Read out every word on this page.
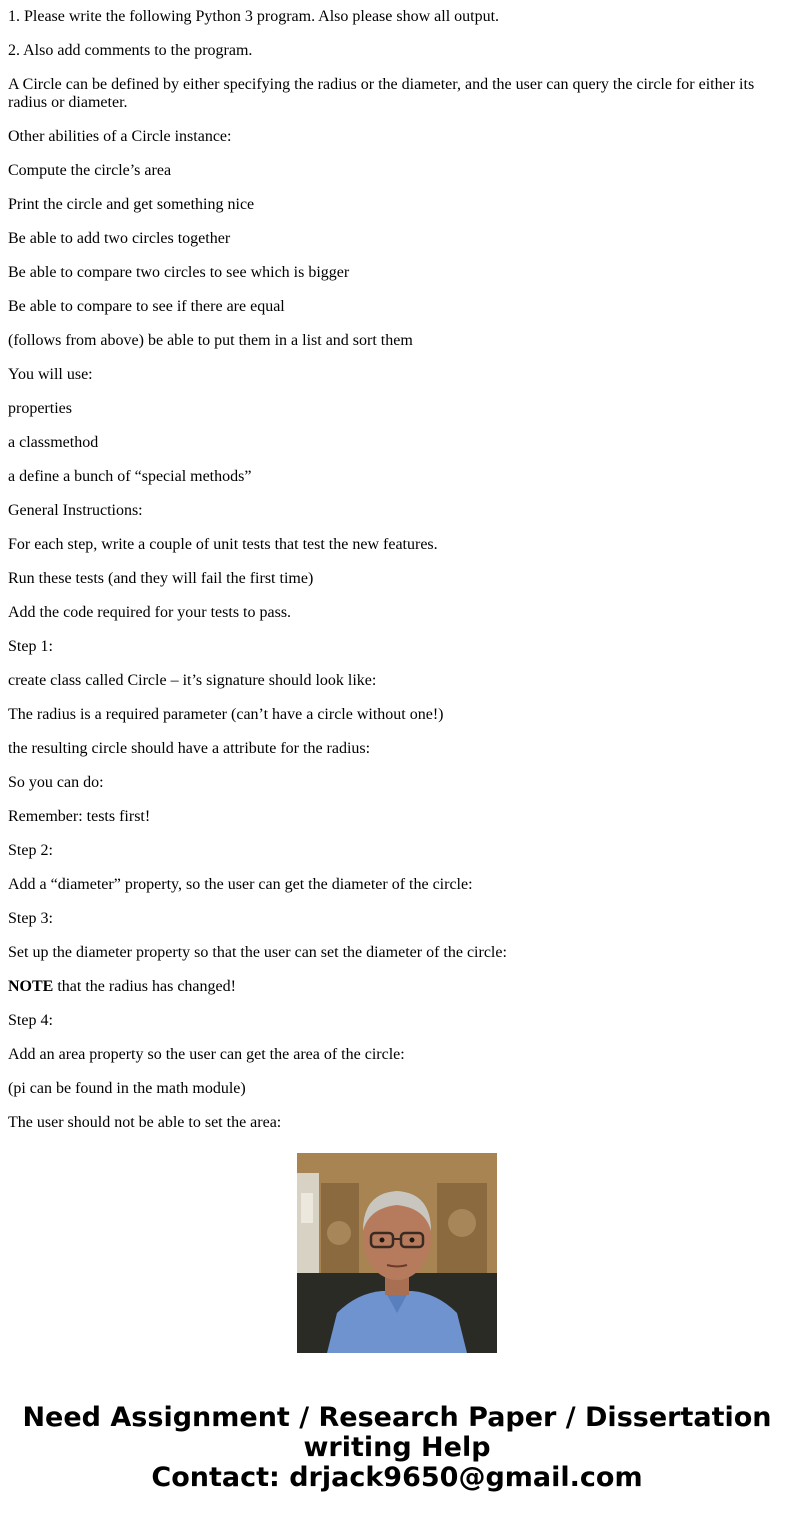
1. Please write the following Python 3 program. Also please show all output.

2. Also add comments to the program.

A Circle can be defined by either specifying the radius or the diameter, and the user can query the circle for either its radius or diameter.

Other abilities of a Circle instance:

Compute the circle’s area

Print the circle and get something nice

Be able to add two circles together

Be able to compare two circles to see which is bigger

Be able to compare to see if there are equal

(follows from above) be able to put them in a list and sort them

You will use:

properties

a classmethod

a define a bunch of “special methods”

General Instructions:

For each step, write a couple of unit tests that test the new features.

Run these tests (and they will fail the first time)

Add the code required for your tests to pass.

Step 1:

create class called Circle – it’s signature should look like:

The radius is a required parameter (can’t have a circle without one!)

the resulting circle should have a attribute for the radius:

So you can do:

Remember: tests first!

Step 2:

Add a “diameter” property, so the user can get the diameter of the circle:

Step 3:

Set up the diameter property so that the user can set the diameter of the circle:

NOTE that the radius has changed!

Step 4:

Add an area property so the user can get the area of the circle:

(pi can be found in the math module)

The user should not be able to set the area:

Need Assignment / Research Paper / Dissertation
writing Help
Contact: drjack9650@gmail.com
